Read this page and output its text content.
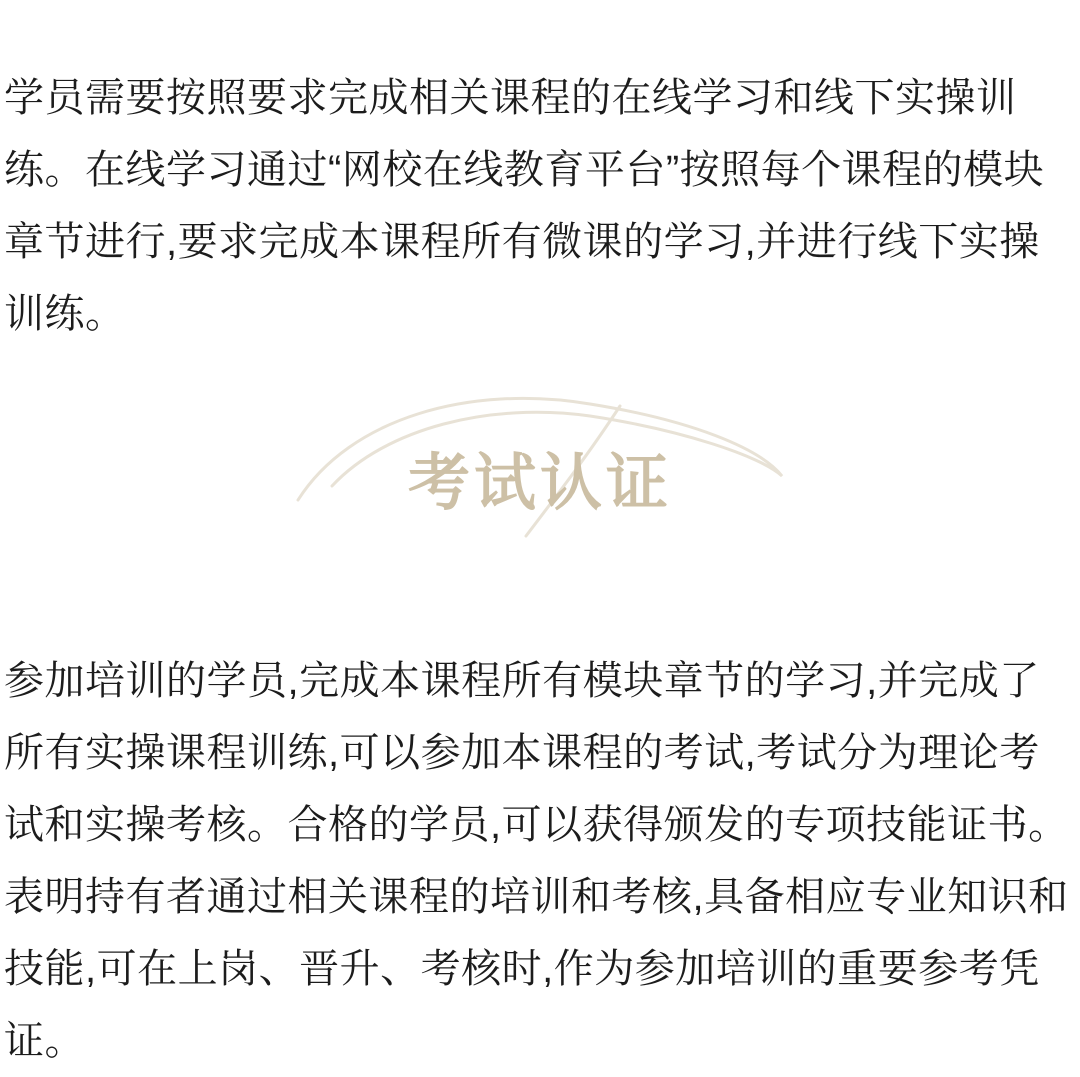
学员需要按照要求完成相关课程的在线学习和线下实操训练。在线学习通过“网校在线教育平台”按照每个课程的模块章节进行,要求完成本课程所有微课的学习,并进行线下实操训练。

考试认证

参加培训的学员,完成本课程所有模块章节的学习,并完成了所有实操课程训练,可以参加本课程的考试,考试分为理论考试和实操考核。合格的学员,可以获得颁发的专项技能证书。表明持有者通过相关课程的培训和考核,具备相应专业知识和技能,可在上岗、晋升、考核时,作为参加培训的重要参考凭证。
